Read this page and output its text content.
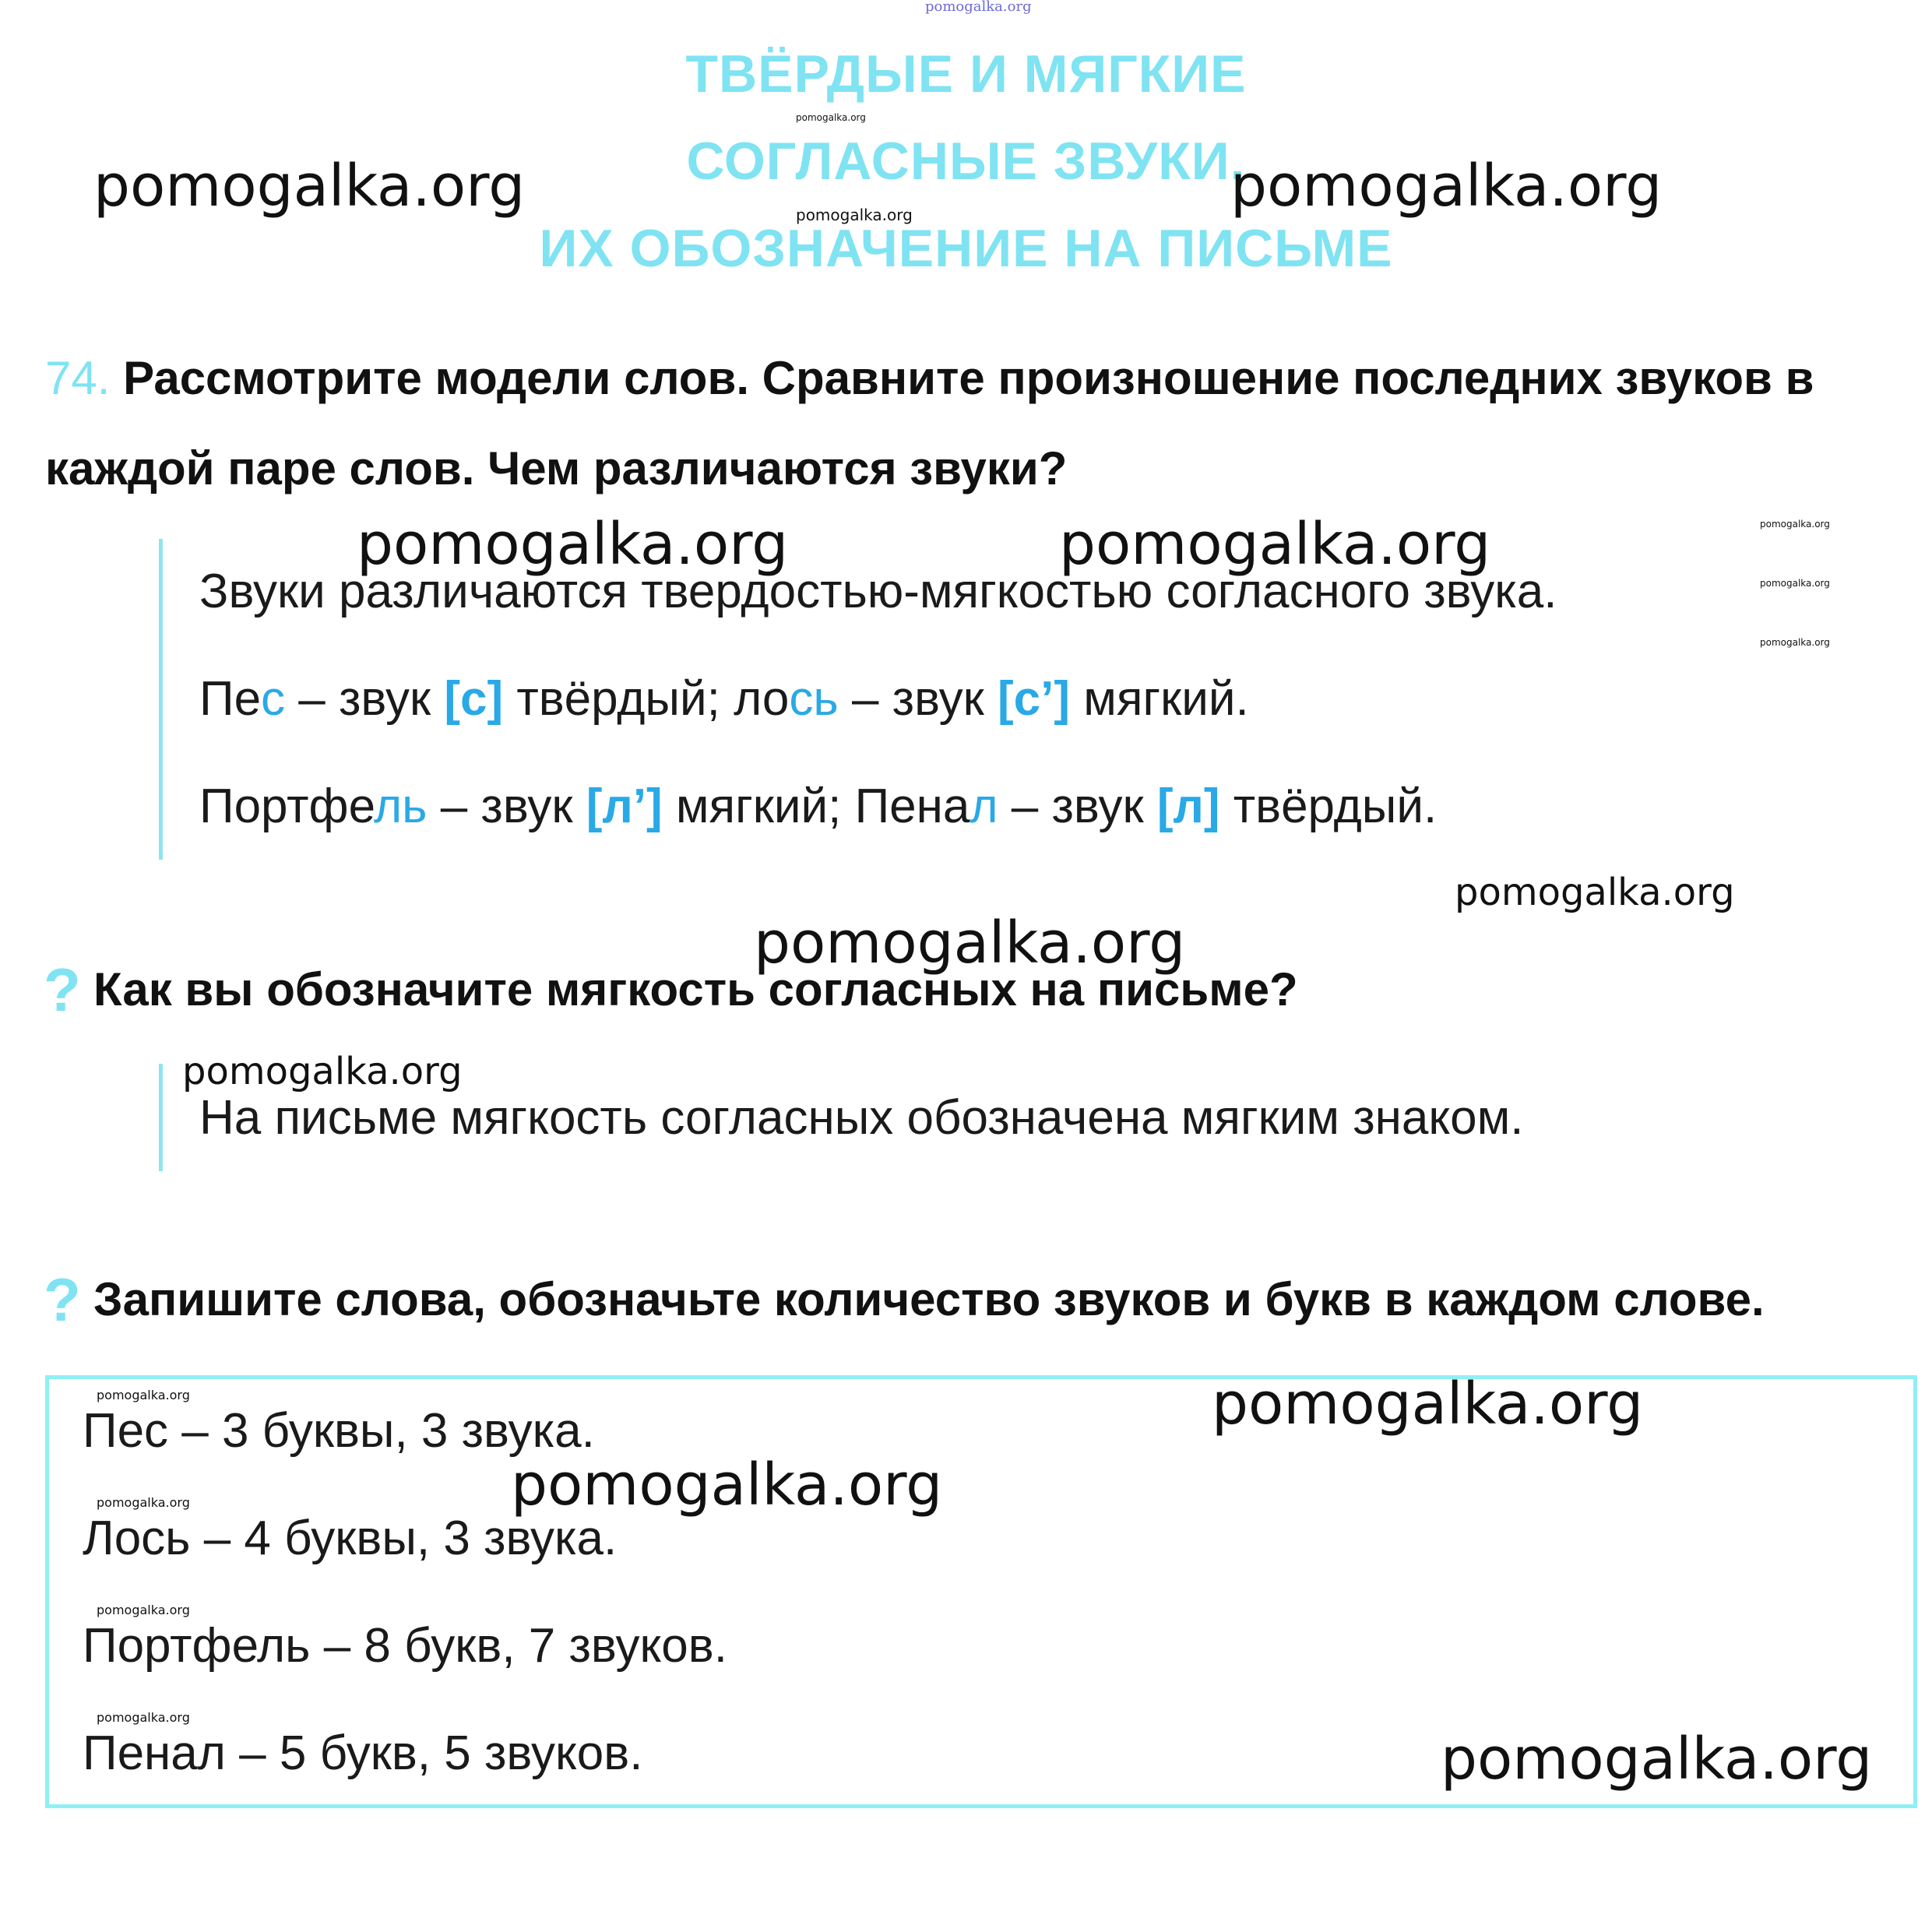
pomogalka.org
ТВЁРДЫЕ И МЯГКИЕ
СОГЛАСНЫЕ ЗВУКИ.
ИХ ОБОЗНАЧЕНИЕ НА ПИСЬМЕ
pomogalka.org	pomogalka.org
pomogalka.org
pomogalka.org
74. Рассмотрите модели слов. Сравните произношение последних звуков в каждой паре слов. Чем различаются звуки?
pomogalka.org	pomogalka.org	pomogalka.org
pomogalka.org
pomogalka.org
Звуки различаются твердостью-мягкостью согласного звука.
Пес – звук [с] твёрдый; лось – звук [с’] мягкий.
Портфель – звук [л’] мягкий; Пенал – звук [л] твёрдый.
pomogalka.org
pomogalka.org
? Как вы обозначите мягкость согласных на письме?
pomogalka.org
На письме мягкость согласных обозначена мягким знаком.
? Запишите слова, обозначьте количество звуков и букв в каждом слове.
pomogalka.org
Пес – 3 буквы, 3 звука.	pomogalka.org
pomogalka.org
pomogalka.org
Лось – 4 буквы, 3 звука.
pomogalka.org
Портфель – 8 букв, 7 звуков.
pomogalka.org
Пенал – 5 букв, 5 звуков.	pomogalka.org
